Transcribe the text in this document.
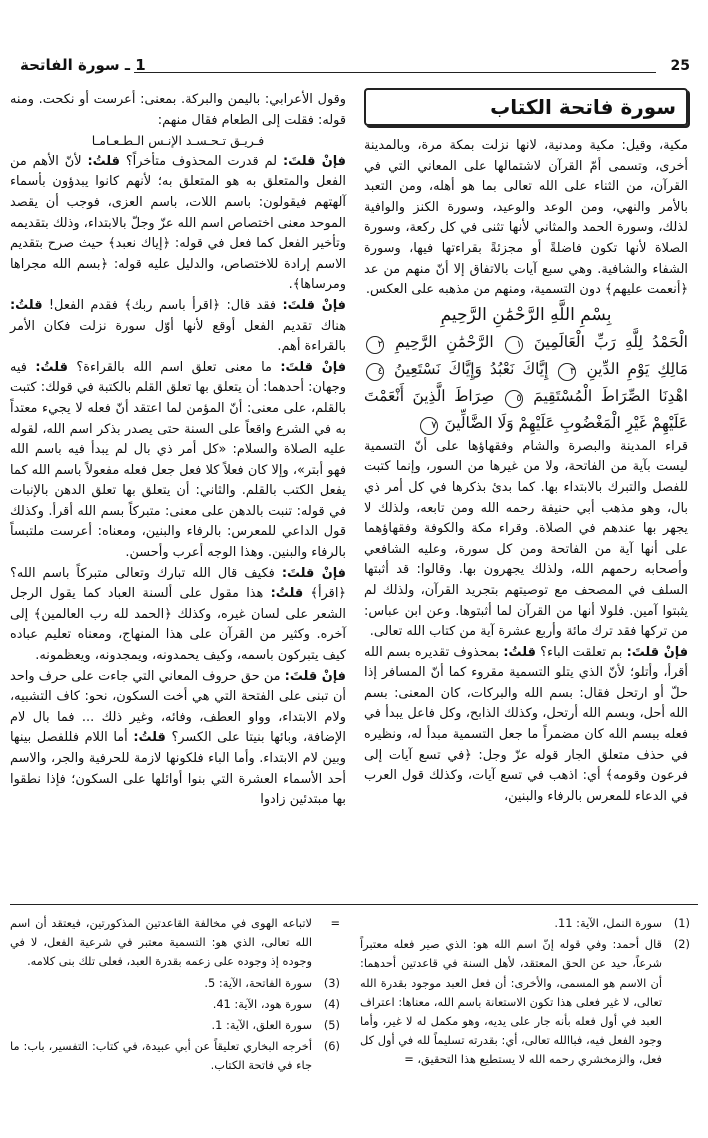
25
1 ـ سورة الفاتحة
سورة فاتحة الكتاب

مكية، وقيل: مكية ومدنية، لانها نزلت بمكة مرة، وبالمدينة أخرى، وتسمى أمّ القرآن لاشتمالها على المعاني التي في القرآن، من الثناء على الله تعالى بما هو أهله، ومن التعبد بالأمر والنهي، ومن الوعد والوعيد، وسورة الكنز والوافية لذلك، وسورة الحمد والمثاني لأنها تثنى في كل ركعة، وسورة الصلاة لأنها تكون فاضلةً أو مجزئةً بقراءتها فيها، وسورة الشفاء والشافية. وهي سبع آيات بالاتفاق إلا أنّ منهم من عد ﴿أنعمت عليهم﴾ دون التسمية، ومنهم من مذهبه على العكس.

بِسْمِ اللَّهِ الرَّحْمَٰنِ الرَّحِيمِ

الْحَمْدُ لِلَّهِ رَبِّ الْعَالَمِينَ ١ الرَّحْمَٰنِ الرَّحِيمِ ٢ مَالِكِ يَوْمِ الدِّينِ ٣ إِيَّاكَ نَعْبُدُ وَإِيَّاكَ نَسْتَعِينُ ٤ اهْدِنَا الصِّرَاطَ الْمُسْتَقِيمَ ٥ صِرَاطَ الَّذِينَ أَنْعَمْتَ عَلَيْهِمْ غَيْرِ الْمَغْضُوبِ عَلَيْهِمْ وَلَا الضَّالِّينَ ٧

قراء المدينة والبصرة والشام وفقهاؤها على أنّ التسمية ليست بآية من الفاتحة، ولا من غيرها من السور، وإنما كتبت للفصل والتبرك بالابتداء بها. كما بدئ بذكرها في كل أمر ذي بال، وهو مذهب أبي حنيفة رحمه الله ومن تابعه، ولذلك لا يجهر بها عندهم في الصلاة. وقراء مكة والكوفة وفقهاؤهما على أنها آية من الفاتحة ومن كل سورة، وعليه الشافعي وأصحابه رحمهم الله، ولذلك يجهرون بها. وقالوا: قد أثبتها السلف في المصحف مع توصيتهم بتجريد القرآن، ولذلك لم يثبتوا آمين. فلولا أنها من القرآن لما أثبتوها. وعن ابن عباس: من تركها فقد ترك مائة وأربع عشرة آية من كتاب الله تعالى.

فإنْ قلتَ: بم تعلقت الباء؟ قلتُ: بمحذوف تقديره بسم الله أقرأ، وأتلو؛ لأنّ الذي يتلو التسمية مقروء كما أنّ المسافر إذا حلّ أو ارتحل فقال: بسم الله والبركات، كان المعنى: بسم الله أحل، وبسم الله أرتحل، وكذلك الذابح، وكل فاعل يبدأ في فعله ببسم الله كان مضمراً ما جعل التسمية مبدأ له، ونظيره في حذف متعلق الجار قوله عزّ وجل: ﴿في تسع آيات إلى فرعون وقومه﴾ أي: اذهب في تسع آيات، وكذلك قول العرب في الدعاء للمعرس بالرفاء والبنين،

وقول الأعرابي: باليمن والبركة. بمعنى: أعرست أو نكحت. ومنه قوله: فقلت إلى الطعام فقال منهم:

فـريـق تـحـسـد الإنـس الـطـعـامـا

فإنْ قلتَ: لم قدرت المحذوف متأخراً؟ قلتُ: لأنّ الأهم من الفعل والمتعلق به هو المتعلق به؛ لأنهم كانوا يبدؤون بأسماء آلهتهم فيقولون: باسم اللات، باسم العزى، فوجب أن يقصد الموحد معنى اختصاص اسم الله عزّ وجلّ بالابتداء، وذلك بتقديمه وتأخير الفعل كما فعل في قوله: ﴿إياك نعبد﴾ حيث صرح بتقديم الاسم إرادة للاختصاص، والدليل عليه قوله: ﴿بسم الله مجراها ومرساها﴾.

فإنْ قلتَ: فقد قال: ﴿اقرأ باسم ربك﴾ فقدم الفعل! قلتُ: هناك تقديم الفعل أوقع لأنها أوّل سورة نزلت فكان الأمر بالقراءة أهم.

فإنْ قلتَ: ما معنى تعلق اسم الله بالقراءة؟ قلتُ: فيه وجهان: أحدهما: أن يتعلق بها تعلق القلم بالكتبة في قولك: كتبت بالقلم، على معنى: أنّ المؤمن لما اعتقد أنّ فعله لا يجيء معتداً به في الشرع واقعاً على السنة حتى يصدر بذكر اسم الله، لقوله عليه الصلاة والسلام: «كل أمر ذي بال لم يبدأ فيه باسم الله فهو أبتر»، وإلا كان فعلاً كلا فعل جعل فعله مفعولاً باسم الله كما يفعل الكتب بالقلم. والثاني: أن يتعلق بها تعلق الدهن بالإنبات في قوله: تنبت بالدهن على معنى: متبركاً بسم الله أقرأ. وكذلك قول الداعي للمعرس: بالرفاء والبنين، ومعناه: أعرست ملتبساً بالرفاء والبنين. وهذا الوجه أعرب وأحسن.

فإنْ قلتَ: فكيف قال الله تبارك وتعالى متبركاً باسم الله؟ ﴿اقرأ﴾ قلتُ: هذا مقول على ألسنة العباد كما يقول الرجل الشعر على لسان غيره، وكذلك ﴿الحمد لله رب العالمين﴾ إلى آخره. وكثير من القرآن على هذا المنهاج، ومعناه تعليم عباده كيف يتبركون باسمه، وكيف يحمدونه، ويمجدونه، ويعظمونه.

فإنْ قلتَ: من حق حروف المعاني التي جاءت على حرف واحد أن تبنى على الفتحة التي هي أخت السكون، نحو: كاف التشبيه، ولام الابتداء، وواو العطف، وفائه، وغير ذلك ... فما بال لام الإضافة، وبائها بنيتا على الكسر؟ قلتُ: أما اللام فللفصل بينها وبين لام الابتداء. وأما الباء فلكونها لازمة للحرفية والجر، والاسم أحد الأسماء العشرة التي بنوا أوائلها على السكون؛ فإذا نطقوا بها مبتدئين زادوا

(1)
سورة النمل، الآية: 11.
(2)
قال أحمد: وفي قوله إنّ اسم الله هو: الذي صير فعله معتبراً شرعاً، حيد عن الحق المعتقد، لأهل السنة في قاعدتين أحدهما: أن الاسم هو المسمى، والأخرى: أن فعل العبد موجود بقدرة الله تعالى، لا غير فعلى هذا تكون الاستعانة باسم الله، معناها: اعتراف العبد في أول فعله بأنه جار على يديه، وهو مكمل له لا غير، وأما وجود الفعل فيه، فباالله تعالى، أي: بقدرته تسليماً لله في أول كل فعل، والزمخشري رحمه الله لا يستطيع هذا التحقيق، =
=
لاتباعه الهوى في مخالفة القاعدتين المذكورتين، فيعتقد أن اسم الله تعالى، الذي هو: التسمية معتبر في شرعية الفعل، لا في وجوده إذ وجوده على زعمه بقدرة العبد، فعلى تلك بنى كلامه.
(3)
سورة الفاتحة، الآية: 5.
(4)
سورة هود، الآية: 41.
(5)
سورة العلق، الآية: 1.
(6)
أخرجه البخاري تعليقاً عن أبي عبيدة، في كتاب: التفسير، باب: ما جاء في فاتحة الكتاب.
